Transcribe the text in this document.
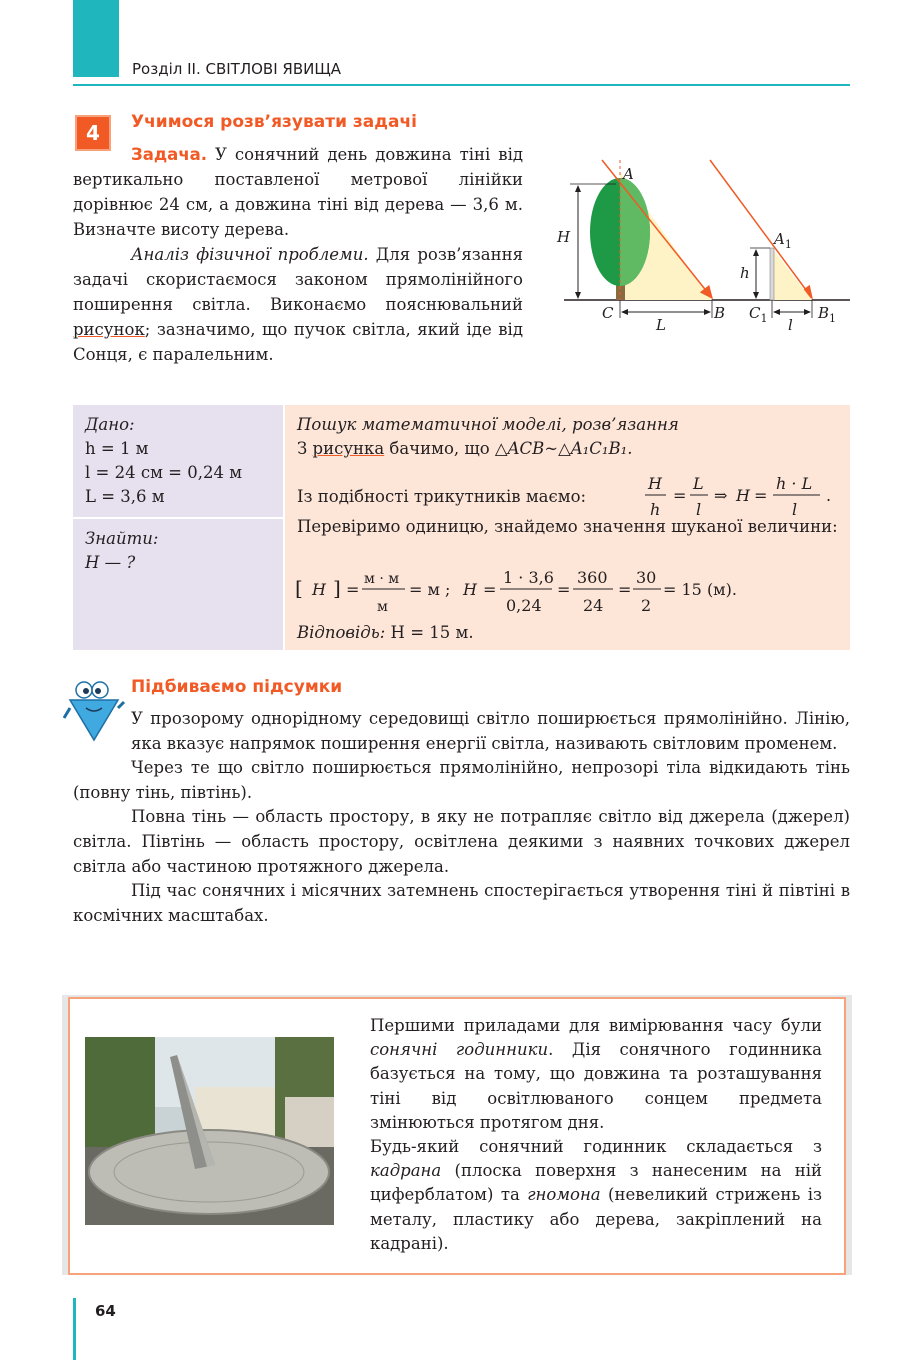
Розділ ІІ. СВІТЛОВІ ЯВИЩА
4	Учимося розв’язувати задачі
Задача. У сонячний день довжина тіні від вертикально поставленої метрової лінійки дорівнює 24 см, а довжина тіні від дерева — 3,6 м. Визначте висоту дерева.
Аналіз фізичної проблеми. Для розв’язання задачі скористаємося законом прямолінійного поширення світла. Виконаємо пояснювальний рисунок; зазначимо, що пучок світла, який іде від Сонця, є паралельним.
A
H
C	B
L
$A_1$
h
$C_1$	$B_1$
l
Дано:
h = 1 м
l = 24 см = 0,24 м
L = 3,6 м
Знайти:
H — ?
Пошук математичної моделі, розв’язання
З рисунка бачимо, що △ACB∼△A₁C₁B₁.
Із подібності трикутників маємо:
H
h
=
L
l
⇒ H =
h · L
l
.
Перевіримо одиницю, знайдемо значення шуканої величини:
[ H ] =
м · м
м
= м ; H =
1 · 3,6
0,24
=
360
24
=
30
2
= 15 (м).
Відповідь: H = 15 м.
Підбиваємо підсумки

У прозорому однорідному середовищі світло поширюється прямолінійно. Лінію, яка вказує напрямок поширення енергії світла, називають світловим променем.

Через те що світло поширюється прямолінійно, непрозорі тіла відкидають тінь (повну тінь, півтінь).

Повна тінь — область простору, в яку не потрапляє світло від джерела (джерел) світла. Півтінь — область простору, освітлена деякими з наявних точкових джерел світла або частиною протяжного джерела.

Під час сонячних і місячних затемнень спостерігається утворення тіні й півтіні в космічних масштабах.

Першими приладами для вимірювання часу були сонячні годинники. Дія сонячного годинника базується на тому, що довжина та розташування тіні від освітлюваного сонцем предмета змінюються протягом дня.
Будь-який сонячний годинник складається з кадрана (плоска поверхня з нанесеним на ній циферблатом) та гномона (невеликий стрижень із металу, пластику або дерева, закріплений на кадрані).
64
